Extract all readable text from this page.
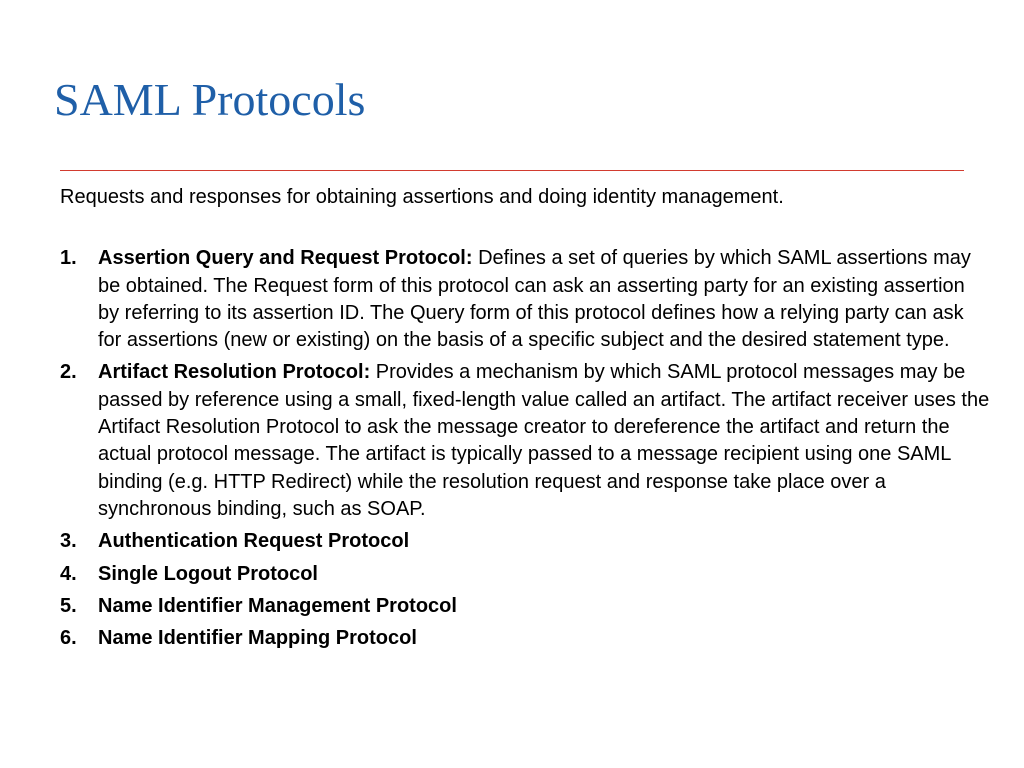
SAML Protocols

Requests and responses for obtaining assertions and doing identity management.

1. Assertion Query and Request Protocol: Defines a set of queries by which SAML assertions may be obtained. The Request form of this protocol can ask an asserting party for an existing assertion by referring to its assertion ID. The Query form of this protocol defines how a relying party can ask for assertions (new or existing) on the basis of a specific subject and the desired statement type.
2. Artifact Resolution Protocol: Provides a mechanism by which SAML protocol messages may be passed by reference using a small, fixed-length value called an artifact. The artifact receiver uses the Artifact Resolution Protocol to ask the message creator to dereference the artifact and return the actual protocol message. The artifact is typically passed to a message recipient using one SAML binding (e.g. HTTP Redirect) while the resolution request and response take place over a synchronous binding, such as SOAP.
3. Authentication Request Protocol
4. Single Logout Protocol
5. Name Identifier Management Protocol
6. Name Identifier Mapping Protocol
